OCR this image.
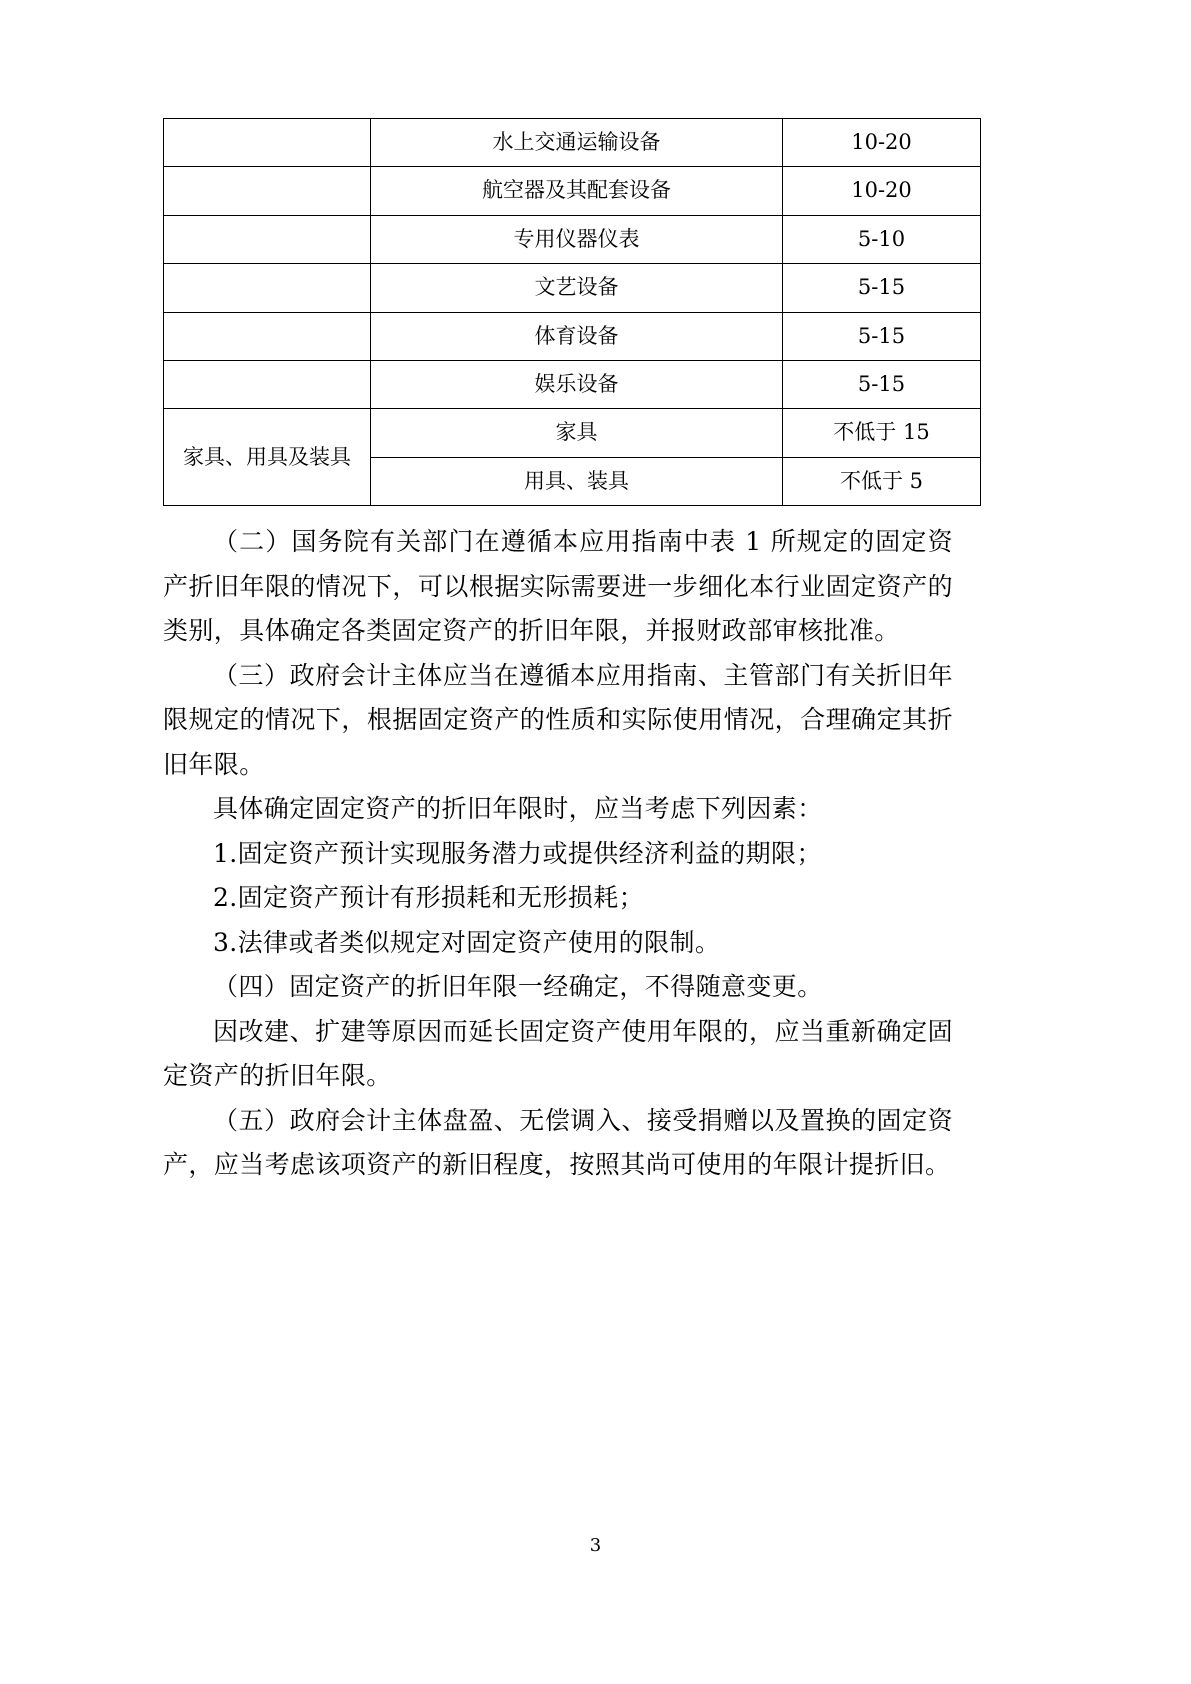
	水上交通运输设备	10-20
	航空器及其配套设备	10-20
	专用仪器仪表	5-10
	文艺设备	5-15
	体育设备	5-15
	娱乐设备	5-15
家具、用具及装具	家具	不低于 15
	用具、装具	不低于 5

（二）国务院有关部门在遵循本应用指南中表 1 所规定的固定资产折旧年限的情况下，可以根据实际需要进一步细化本行业固定资产的类别，具体确定各类固定资产的折旧年限，并报财政部审核批准。

（三）政府会计主体应当在遵循本应用指南、主管部门有关折旧年限规定的情况下，根据固定资产的性质和实际使用情况，合理确定其折旧年限。

具体确定固定资产的折旧年限时，应当考虑下列因素：

1.固定资产预计实现服务潜力或提供经济利益的期限；

2.固定资产预计有形损耗和无形损耗；

3.法律或者类似规定对固定资产使用的限制。

（四）固定资产的折旧年限一经确定，不得随意变更。

因改建、扩建等原因而延长固定资产使用年限的，应当重新确定固定资产的折旧年限。

（五）政府会计主体盘盈、无偿调入、接受捐赠以及置换的固定资产，应当考虑该项资产的新旧程度，按照其尚可使用的年限计提折旧。

3
